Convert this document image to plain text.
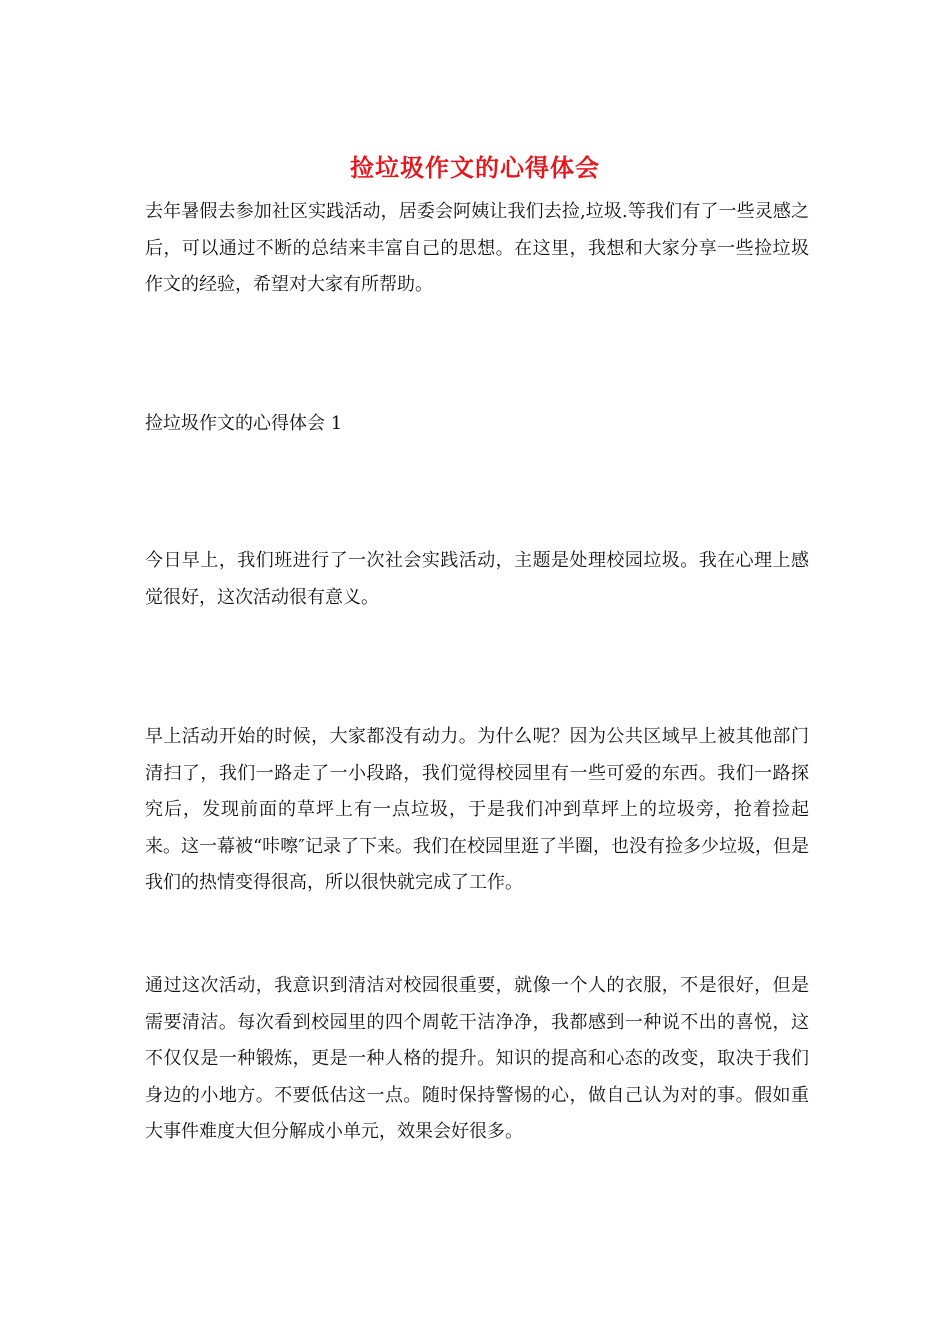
捡垃圾作文的心得体会

去年暑假去参加社区实践活动，居委会阿姨让我们去捡,垃圾.等我们有了一些灵感之后，可以通过不断的总结来丰富自己的思想。在这里，我想和大家分享一些捡垃圾作文的经验，希望对大家有所帮助。

捡垃圾作文的心得体会 1

今日早上，我们班进行了一次社会实践活动，主题是处理校园垃圾。我在心理上感觉很好，这次活动很有意义。

早上活动开始的时候，大家都没有动力。为什么呢？因为公共区域早上被其他部门清扫了，我们一路走了一小段路，我们觉得校园里有一些可爱的东西。我们一路探究后，发现前面的草坪上有一点垃圾，于是我们冲到草坪上的垃圾旁，抢着捡起来。这一幕被“咔嚓″记录了下来。我们在校园里逛了半圈，也没有捡多少垃圾，但是我们的热情变得很高，所以很快就完成了工作。

通过这次活动，我意识到清洁对校园很重要，就像一个人的衣服，不是很好，但是需要清洁。每次看到校园里的四个周乾干洁净净，我都感到一种说不出的喜悦，这不仅仅是一种锻炼，更是一种人格的提升。知识的提高和心态的改变，取决于我们身边的小地方。不要低估这一点。随时保持警惕的心，做自己认为对的事。假如重大事件难度大但分解成小单元，效果会好很多。
